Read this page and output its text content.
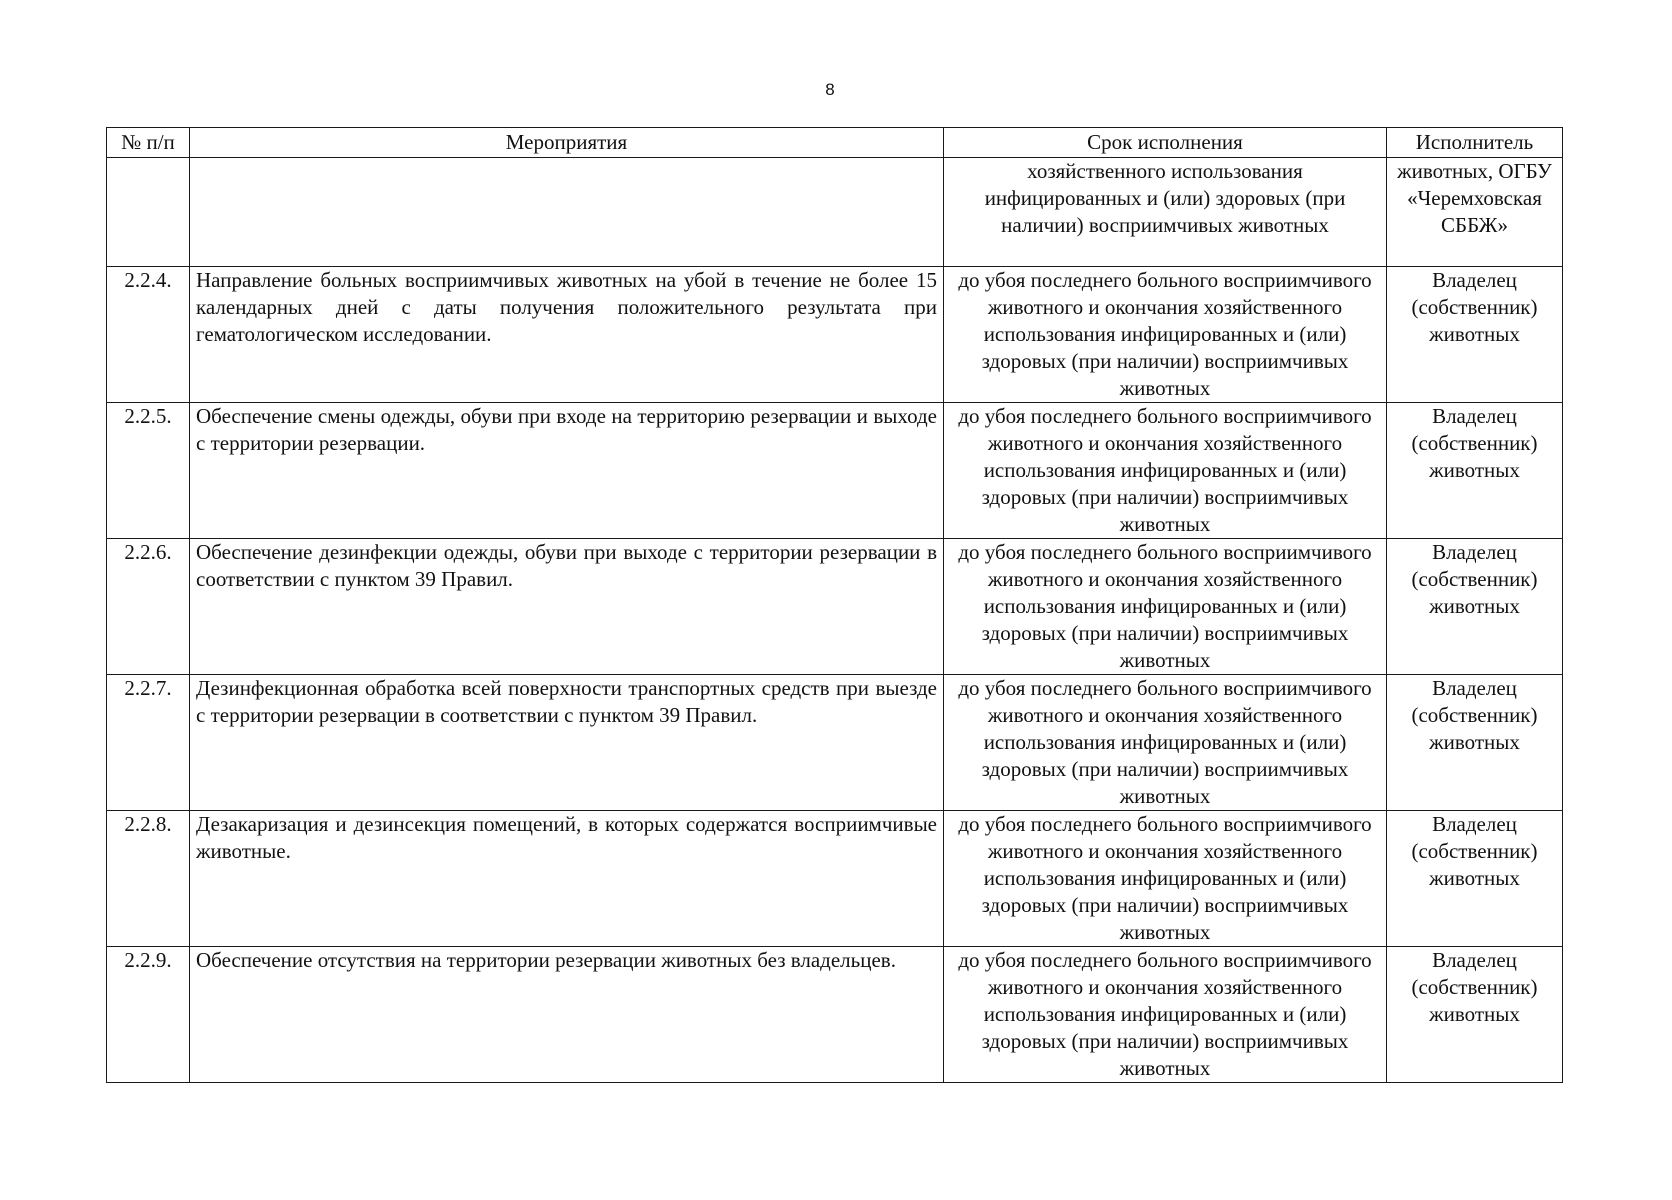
8
№ п/п	Мероприятия	Срок исполнения	Исполнитель
		хозяйственного использования инфицированных и (или) здоровых (при наличии) восприимчивых животных	животных, ОГБУ «Черемховская СББЖ»
2.2.4.	Направление больных восприимчивых животных на убой в течение не более 15 календарных дней с даты получения положительного результата при гематологическом исследовании.	до убоя последнего больного восприимчивого животного и окончания хозяйственного использования инфицированных и (или) здоровых (при наличии) восприимчивых животных	Владелец (собственник) животных
2.2.5.	Обеспечение смены одежды, обуви при входе на территорию резервации и выходе с территории резервации.	до убоя последнего больного восприимчивого животного и окончания хозяйственного использования инфицированных и (или) здоровых (при наличии) восприимчивых животных	Владелец (собственник) животных
2.2.6.	Обеспечение дезинфекции одежды, обуви при выходе с территории резервации в соответствии с пунктом 39 Правил.	до убоя последнего больного восприимчивого животного и окончания хозяйственного использования инфицированных и (или) здоровых (при наличии) восприимчивых животных	Владелец (собственник) животных
2.2.7.	Дезинфекционная обработка всей поверхности транспортных средств при выезде с территории резервации в соответствии с пунктом 39 Правил.	до убоя последнего больного восприимчивого животного и окончания хозяйственного использования инфицированных и (или) здоровых (при наличии) восприимчивых животных	Владелец (собственник) животных
2.2.8.	Дезакаризация и дезинсекция помещений, в которых содержатся восприимчивые животные.	до убоя последнего больного восприимчивого животного и окончания хозяйственного использования инфицированных и (или) здоровых (при наличии) восприимчивых животных	Владелец (собственник) животных
2.2.9.	Обеспечение отсутствия на территории резервации животных без владельцев.	до убоя последнего больного восприимчивого животного и окончания хозяйственного использования инфицированных и (или) здоровых (при наличии) восприимчивых животных	Владелец (собственник) животных
